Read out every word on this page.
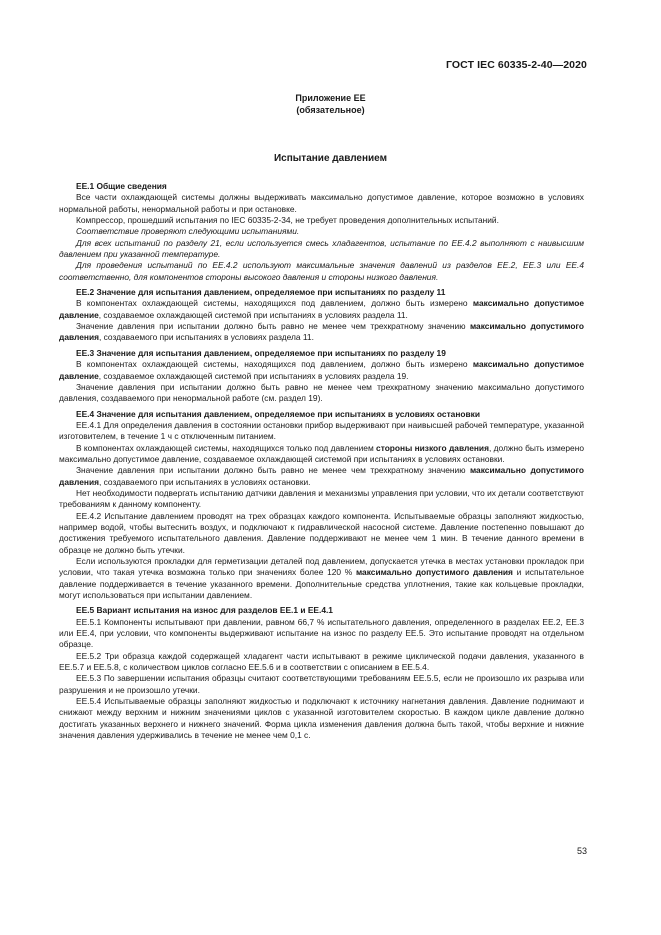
ГОСТ IEC 60335-2-40—2020
Приложение ЕЕ
(обязательное)
Испытание давлением

ЕЕ.1 Общие сведения

Все части охлаждающей системы должны выдерживать максимально допустимое давление, которое возможно в условиях нормальной работы, ненормальной работы и при остановке.

Компрессор, прошедший испытания по IEC 60335-2-34, не требует проведения дополнительных испытаний.

Соответствие проверяют следующими испытаниями.

Для всех испытаний по разделу 21, если используется смесь хладагентов, испытание по ЕЕ.4.2 выполняют с наивысшим давлением при указанной температуре.

Для проведения испытаний по ЕЕ.4.2 используют максимальные значения давлений из разделов ЕЕ.2, ЕЕ.3 или ЕЕ.4 соответственно, для компонентов стороны высокого давления и стороны низкого давления.

ЕЕ.2 Значение для испытания давлением, определяемое при испытаниях по разделу 11

В компонентах охлаждающей системы, находящихся под давлением, должно быть измерено максимально допустимое давление, создаваемое охлаждающей системой при испытаниях в условиях раздела 11.

Значение давления при испытании должно быть равно не менее чем трехкратному значению максимально допустимого давления, создаваемого при испытаниях в условиях раздела 11.

ЕЕ.3 Значение для испытания давлением, определяемое при испытаниях по разделу 19

В компонентах охлаждающей системы, находящихся под давлением, должно быть измерено максимально допустимое давление, создаваемое охлаждающей системой при испытаниях в условиях раздела 19.

Значение давления при испытании должно быть равно не менее чем трехкратному значению максимально допустимого давления, создаваемого при ненормальной работе (см. раздел 19).

ЕЕ.4 Значение для испытания давлением, определяемое при испытаниях в условиях остановки

ЕЕ.4.1 Для определения давления в состоянии остановки прибор выдерживают при наивысшей рабочей температуре, указанной изготовителем, в течение 1 ч с отключенным питанием.

В компонентах охлаждающей системы, находящихся только под давлением стороны низкого давления, должно быть измерено максимально допустимое давление, создаваемое охлаждающей системой при испытаниях в условиях остановки.

Значение давления при испытании должно быть равно не менее чем трехкратному значению максимально допустимого давления, создаваемого при испытаниях в условиях остановки.

Нет необходимости подвергать испытанию датчики давления и механизмы управления при условии, что их детали соответствуют требованиям к данному компоненту.

ЕЕ.4.2 Испытание давлением проводят на трех образцах каждого компонента. Испытываемые образцы заполняют жидкостью, например водой, чтобы вытеснить воздух, и подключают к гидравлической насосной системе. Давление постепенно повышают до достижения требуемого испытательного давления. Давление поддерживают не менее чем 1 мин. В течение данного времени в образце не должно быть утечки.

Если используются прокладки для герметизации деталей под давлением, допускается утечка в местах установки прокладок при условии, что такая утечка возможна только при значениях более 120 % максимально допустимого давления и испытательное давление поддерживается в течение указанного времени. Дополнительные средства уплотнения, такие как кольцевые прокладки, могут использоваться при испытании давлением.

ЕЕ.5 Вариант испытания на износ для разделов ЕЕ.1 и ЕЕ.4.1

ЕЕ.5.1 Компоненты испытывают при давлении, равном 66,7 % испытательного давления, определенного в разделах ЕЕ.2, ЕЕ.3 или ЕЕ.4, при условии, что компоненты выдерживают испытание на износ по разделу ЕЕ.5. Это испытание проводят на отдельном образце.

ЕЕ.5.2 Три образца каждой содержащей хладагент части испытывают в режиме циклической подачи давления, указанного в ЕЕ.5.7 и ЕЕ.5.8, с количеством циклов согласно ЕЕ.5.6 и в соответствии с описанием в ЕЕ.5.4.

ЕЕ.5.3 По завершении испытания образцы считают соответствующими требованиям ЕЕ.5.5, если не произошло их разрыва или разрушения и не произошло утечки.

ЕЕ.5.4 Испытываемые образцы заполняют жидкостью и подключают к источнику нагнетания давления. Давление поднимают и снижают между верхним и нижним значениями циклов с указанной изготовителем скоростью. В каждом цикле давление должно достигать указанных верхнего и нижнего значений. Форма цикла изменения давления должна быть такой, чтобы верхние и нижние значения давления удерживались в течение не менее чем 0,1 с.

53
